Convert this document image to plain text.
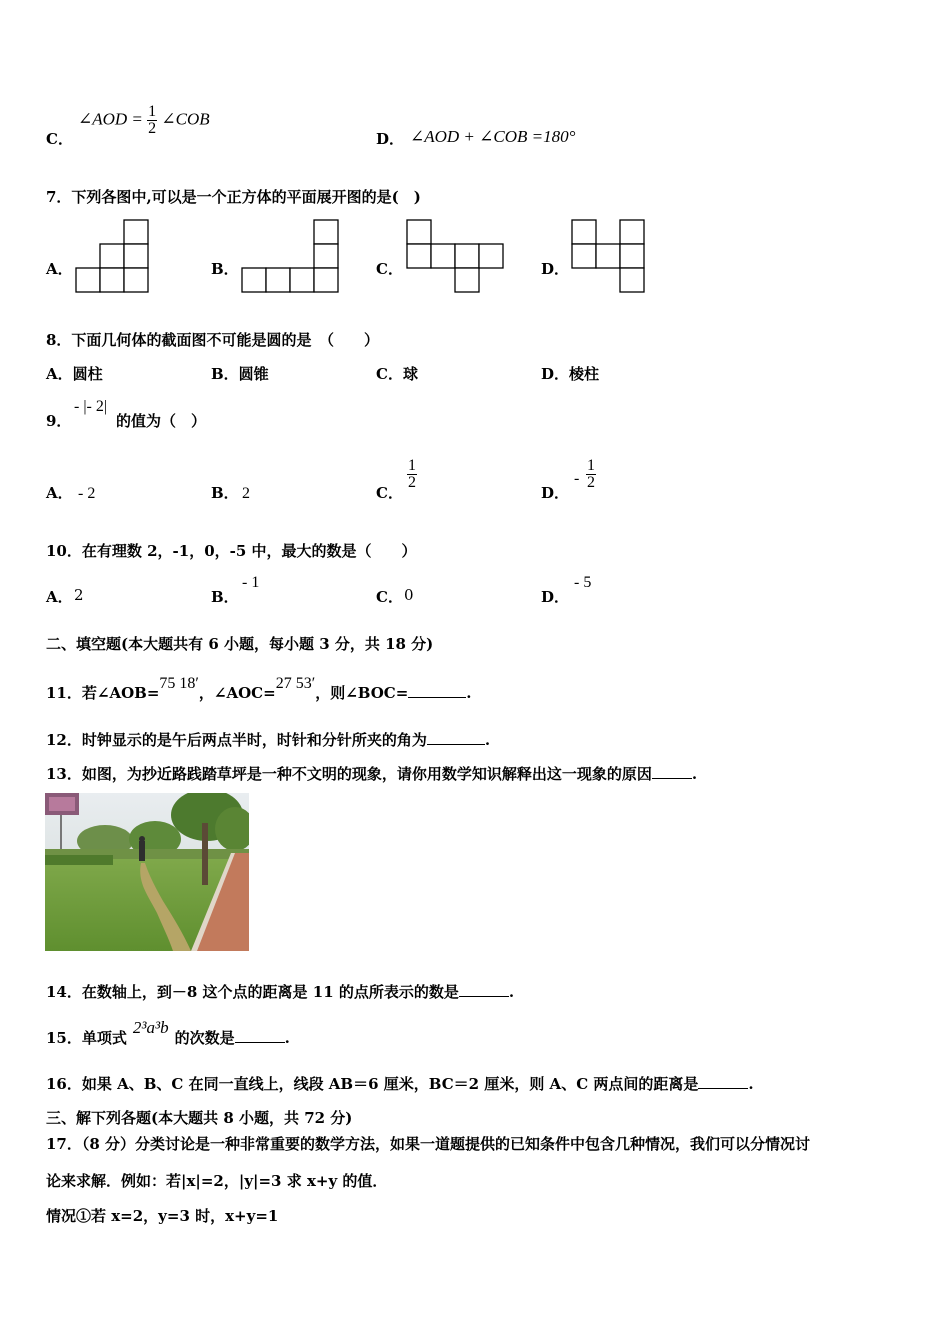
C．
∠AOD = $\frac{1}{2}$ ∠COB
D． ∠AOD + ∠COB =180°
7．下列各图中,可以是一个正方体的平面展开图的是(　)
A．	B．	C．	D．
8．下面几何体的截面图不可能是圆的是　（　　）
A．圆柱	B．圆锥	C．球	D．棱柱
9．
- |- 2|
的值为（　）
A． - 2	B． 2	C．
$\frac{1}{2}$
D．
- $\frac{1}{2}$
10．在有理数 2，-1，0，-5 中，最大的数是（　　）
A． 2	B．
- 1
C． 0	D．
- 5
二、填空题(本大题共有 6 小题，每小题 3 分，共 18 分)
11．若∠AOB=75 18′，∠AOC=27 53′，则∠BOC=	.
12．时钟显示的是午后两点半时，时针和分针所夹的角为	.
13．如图，为抄近路践踏草坪是一种不文明的现象，请你用数学知识解释出这一现象的原因	.
14．在数轴上，到－8 这个点的距离是 11 的点所表示的数是	.
15．单项式2³a³b的次数是	.
16．如果 A、B、C 在同一直线上，线段 AB＝6 厘米，BC＝2 厘米，则 A、C 两点间的距离是	.
三、解下列各题(本大题共 8 小题，共 72 分)
17．（8 分）分类讨论是一种非常重要的数学方法，如果一道题提供的已知条件中包含几种情况，我们可以分情况讨
论来求解．例如：若|x|=2，|y|=3 求 x+y 的值．
情况①若 x=2，y=3 时，x+y=1
